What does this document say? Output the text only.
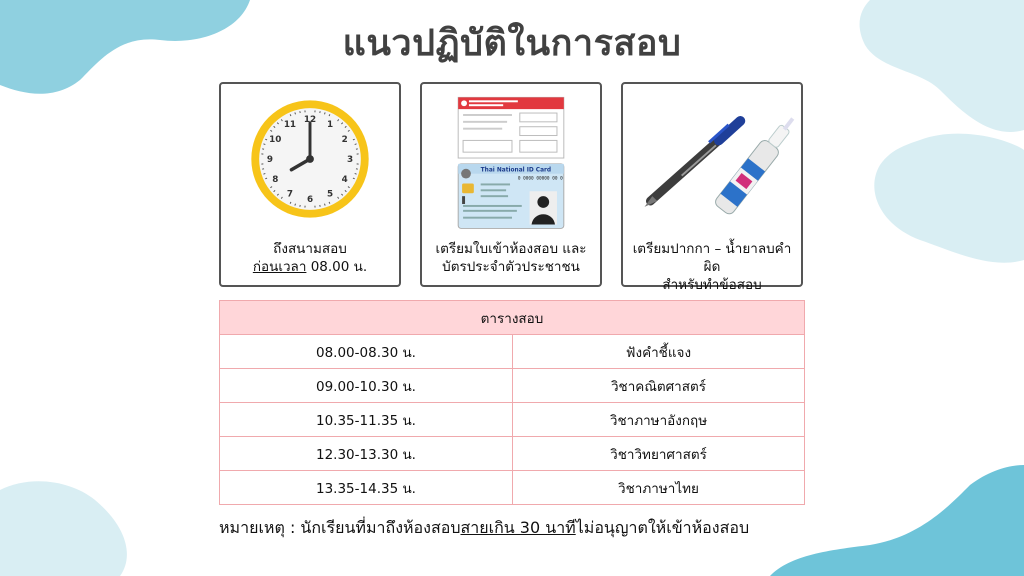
แนวปฏิบัติในการสอบ
12
1
2
3
4
5
6
7
8
9
10
11
ถึงสนามสอบ
ก่อนเวลา 08.00 น.
Thai National ID Card
0 0000 00000 00 0
เตรียมใบเข้าห้องสอบ และ
บัตรประจำตัวประชาชน
เตรียมปากกา – น้ำยาลบคำผิด
สำหรับทำข้อสอบ
ตารางสอบ	
08.00-08.30 น.	ฟังคำชี้แจง
09.00-10.30 น.	วิชาคณิตศาสตร์
10.35-11.35 น.	วิชาภาษาอังกฤษ
12.30-13.30 น.	วิชาวิทยาศาสตร์
13.35-14.35 น.	วิชาภาษาไทย
หมายเหตุ : นักเรียนที่มาถึงห้องสอบสายเกิน 30 นาทีไม่อนุญาตให้เข้าห้องสอบ
